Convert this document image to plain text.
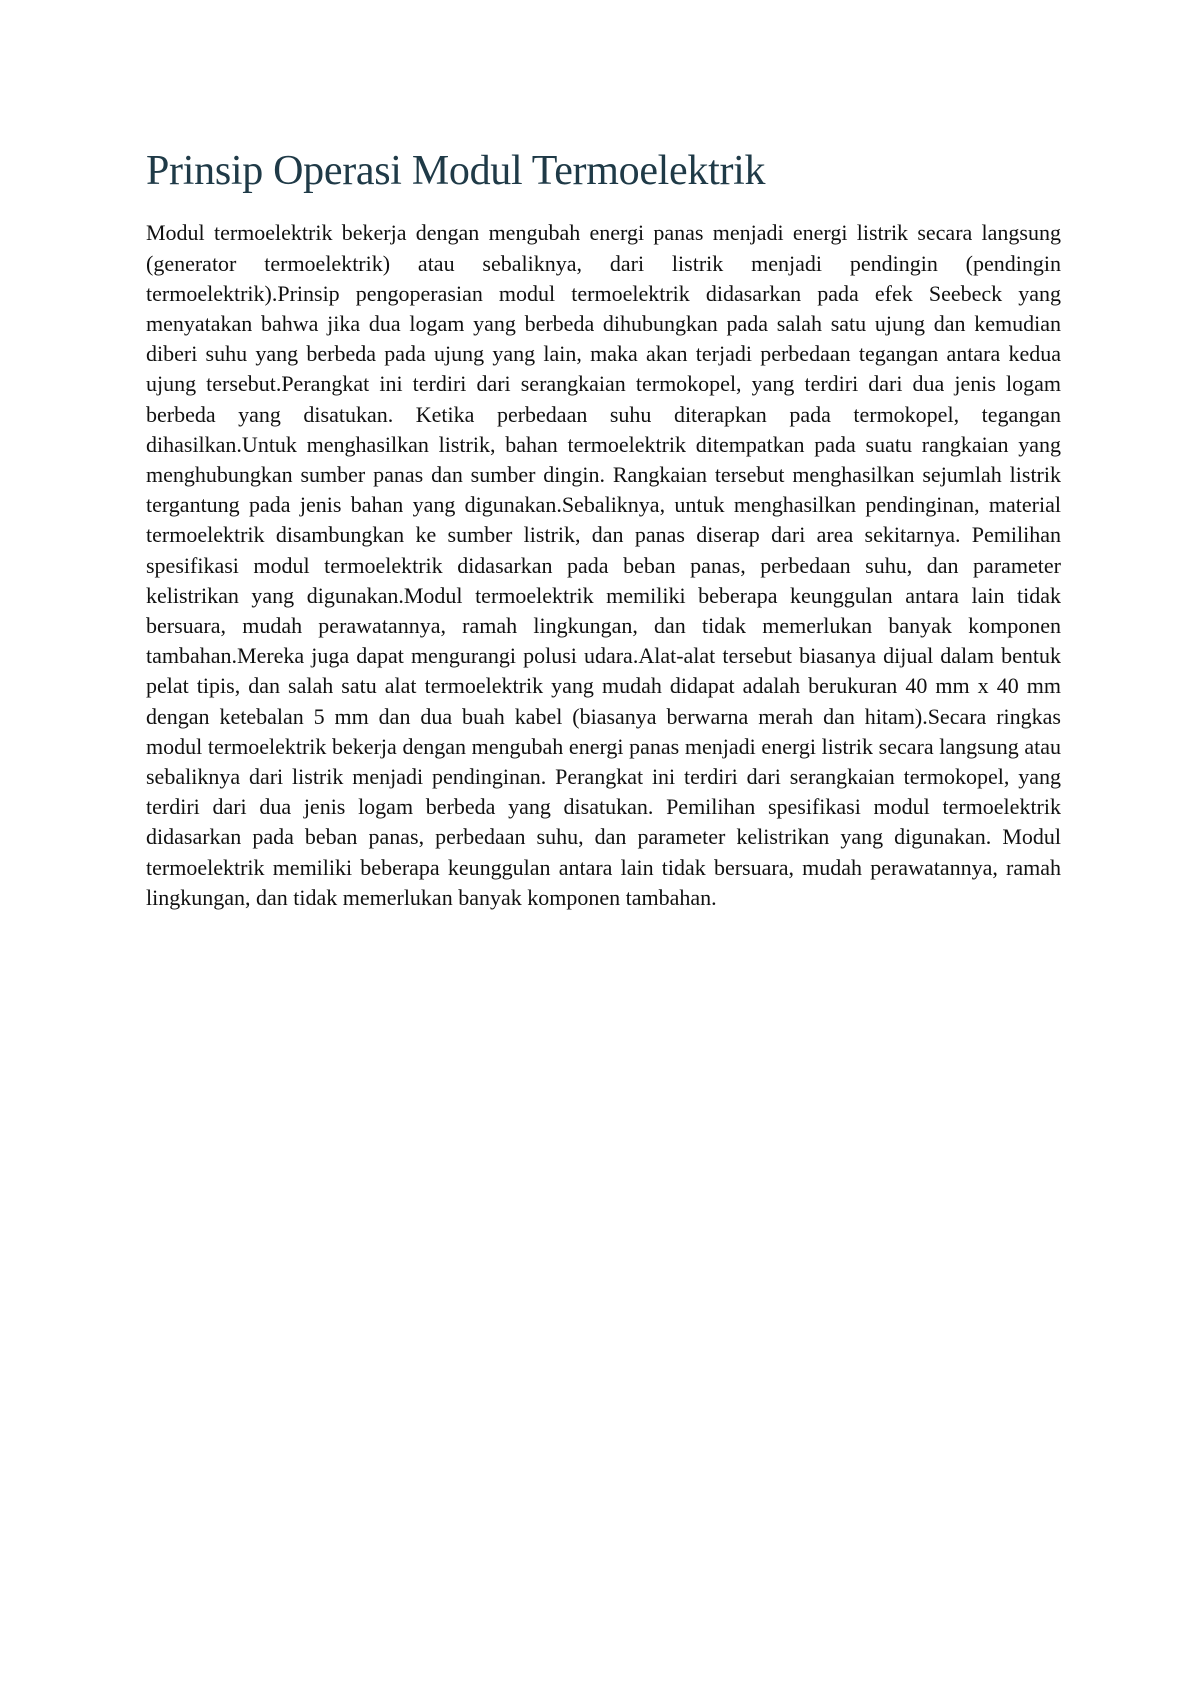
Prinsip Operasi Modul Termoelektrik

Modul termoelektrik bekerja dengan mengubah energi panas menjadi energi listrik secara langsung (generator termoelektrik) atau sebaliknya, dari listrik menjadi pendingin (pendingin termoelektrik).Prinsip pengoperasian modul termoelektrik didasarkan pada efek Seebeck yang menyatakan bahwa jika dua logam yang berbeda dihubungkan pada salah satu ujung dan kemudian diberi suhu yang berbeda pada ujung yang lain, maka akan terjadi perbedaan tegangan antara kedua ujung tersebut.Perangkat ini terdiri dari serangkaian termokopel, yang terdiri dari dua jenis logam berbeda yang disatukan. Ketika perbedaan suhu diterapkan pada termokopel, tegangan dihasilkan.Untuk menghasilkan listrik, bahan termoelektrik ditempatkan pada suatu rangkaian yang menghubungkan sumber panas dan sumber dingin. Rangkaian tersebut menghasilkan sejumlah listrik tergantung pada jenis bahan yang digunakan.Sebaliknya, untuk menghasilkan pendinginan, material termoelektrik disambungkan ke sumber listrik, dan panas diserap dari area sekitarnya. Pemilihan spesifikasi modul termoelektrik didasarkan pada beban panas, perbedaan suhu, dan parameter kelistrikan yang digunakan.Modul termoelektrik memiliki beberapa keunggulan antara lain tidak bersuara, mudah perawatannya, ramah lingkungan, dan tidak memerlukan banyak komponen tambahan.Mereka juga dapat mengurangi polusi udara.Alat-alat tersebut biasanya dijual dalam bentuk pelat tipis, dan salah satu alat termoelektrik yang mudah didapat adalah berukuran 40 mm x 40 mm dengan ketebalan 5 mm dan dua buah kabel (biasanya berwarna merah dan hitam).Secara ringkas modul termoelektrik bekerja dengan mengubah energi panas menjadi energi listrik secara langsung atau sebaliknya dari listrik menjadi pendinginan. Perangkat ini terdiri dari serangkaian termokopel, yang terdiri dari dua jenis logam berbeda yang disatukan. Pemilihan spesifikasi modul termoelektrik didasarkan pada beban panas, perbedaan suhu, dan parameter kelistrikan yang digunakan. Modul termoelektrik memiliki beberapa keunggulan antara lain tidak bersuara, mudah perawatannya, ramah lingkungan, dan tidak memerlukan banyak komponen tambahan.
